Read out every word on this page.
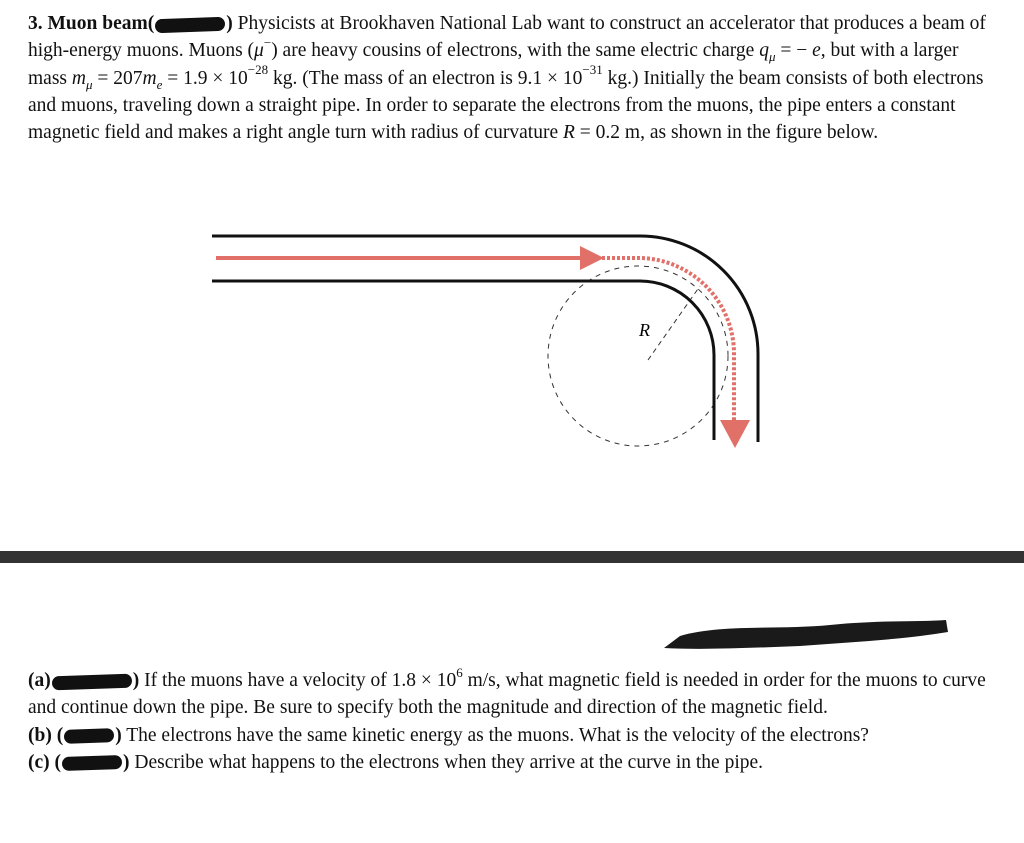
3. Muon beam(	) Physicists at Brookhaven National Lab want to construct an accelerator that produces a beam of high-energy muons. Muons (μ−) are heavy cousins of electrons, with the same electric charge $q_\mu$ = − e, but with a larger mass $m_\mu = 207m_e = 1.9 \times 10^{-28}$ kg. (The mass of an electron is $9.1 \times 10^{-31}$ kg.) Initially the beam consists of both electrons and muons, traveling down a straight pipe. In order to separate the electrons from the muons, the pipe enters a constant magnetic field and makes a right angle turn with radius of curvature R = 0.2 m, as shown in the figure below.

R

(a)	) If the muons have a velocity of $1.8 \times 10^6$ m/s, what magnetic field is needed in order for the muons to curve and continue down the pipe. Be sure to specify both the magnitude and direction of the magnetic field.

(b) (	) The electrons have the same kinetic energy as the muons. What is the velocity of the electrons?

(c) (	) Describe what happens to the electrons when they arrive at the curve in the pipe.
